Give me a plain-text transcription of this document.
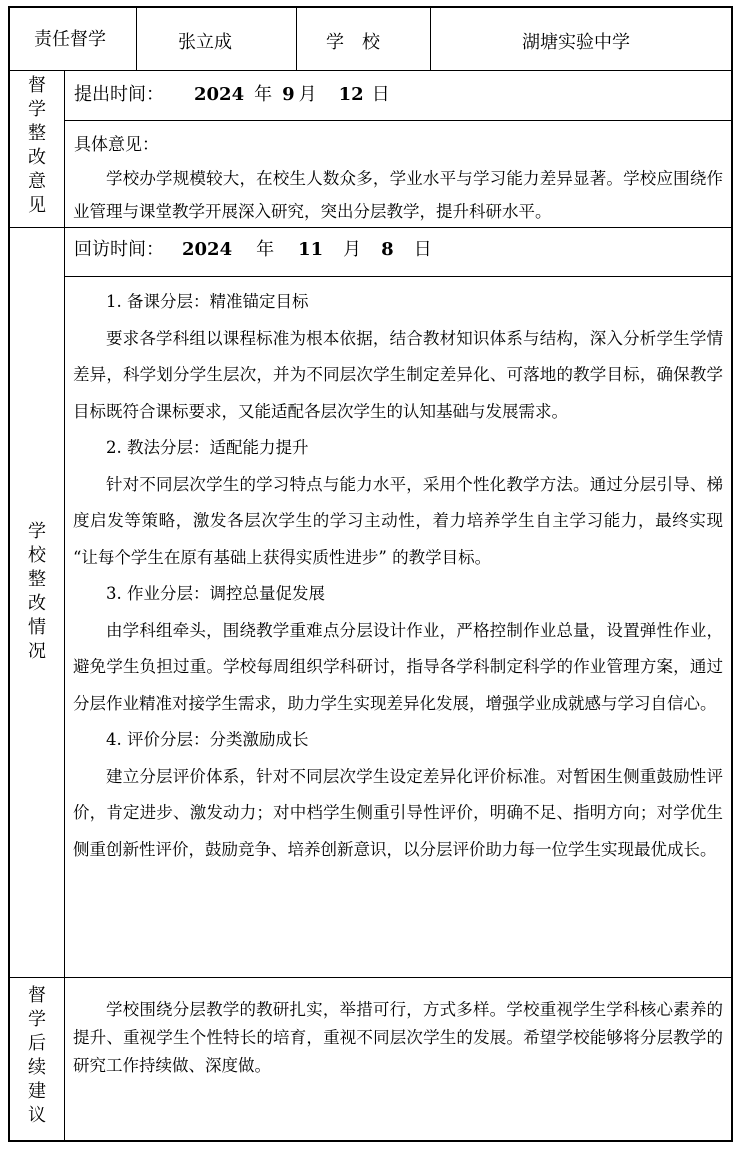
责任督学	张立成	学　校	湖塘实验中学
督学整改意见
提出时间： 2024 年 9 月 12 日
具体意见：

学校办学规模较大，在校生人数众多，学业水平与学习能力差异显著。学校应围绕作业管理与课堂教学开展深入研究，突出分层教学，提升科研水平。

学校整改情况
回访时间： 2024 年 11 月 8 日

1. 备课分层：精准锚定目标

要求各学科组以课程标准为根本依据，结合教材知识体系与结构，深入分析学生学情差异，科学划分学生层次，并为不同层次学生制定差异化、可落地的教学目标，确保教学目标既符合课标要求，又能适配各层次学生的认知基础与发展需求。

2. 教法分层：适配能力提升

针对不同层次学生的学习特点与能力水平，采用个性化教学方法。通过分层引导、梯度启发等策略，激发各层次学生的学习主动性，着力培养学生自主学习能力，最终实现 “让每个学生在原有基础上获得实质性进步” 的教学目标。

3. 作业分层：调控总量促发展

由学科组牵头，围绕教学重难点分层设计作业，严格控制作业总量，设置弹性作业，避免学生负担过重。学校每周组织学科研讨，指导各学科制定科学的作业管理方案，通过分层作业精准对接学生需求，助力学生实现差异化发展，增强学业成就感与学习自信心。

4. 评价分层：分类激励成长

建立分层评价体系，针对不同层次学生设定差异化评价标准。对暂困生侧重鼓励性评价，肯定进步、激发动力；对中档学生侧重引导性评价，明确不足、指明方向；对学优生侧重创新性评价，鼓励竞争、培养创新意识，以分层评价助力每一位学生实现最优成长。

督学后续建议

学校围绕分层教学的教研扎实，举措可行，方式多样。学校重视学生学科核心素养的提升、重视学生个性特长的培育，重视不同层次学生的发展。希望学校能够将分层教学的研究工作持续做、深度做。
